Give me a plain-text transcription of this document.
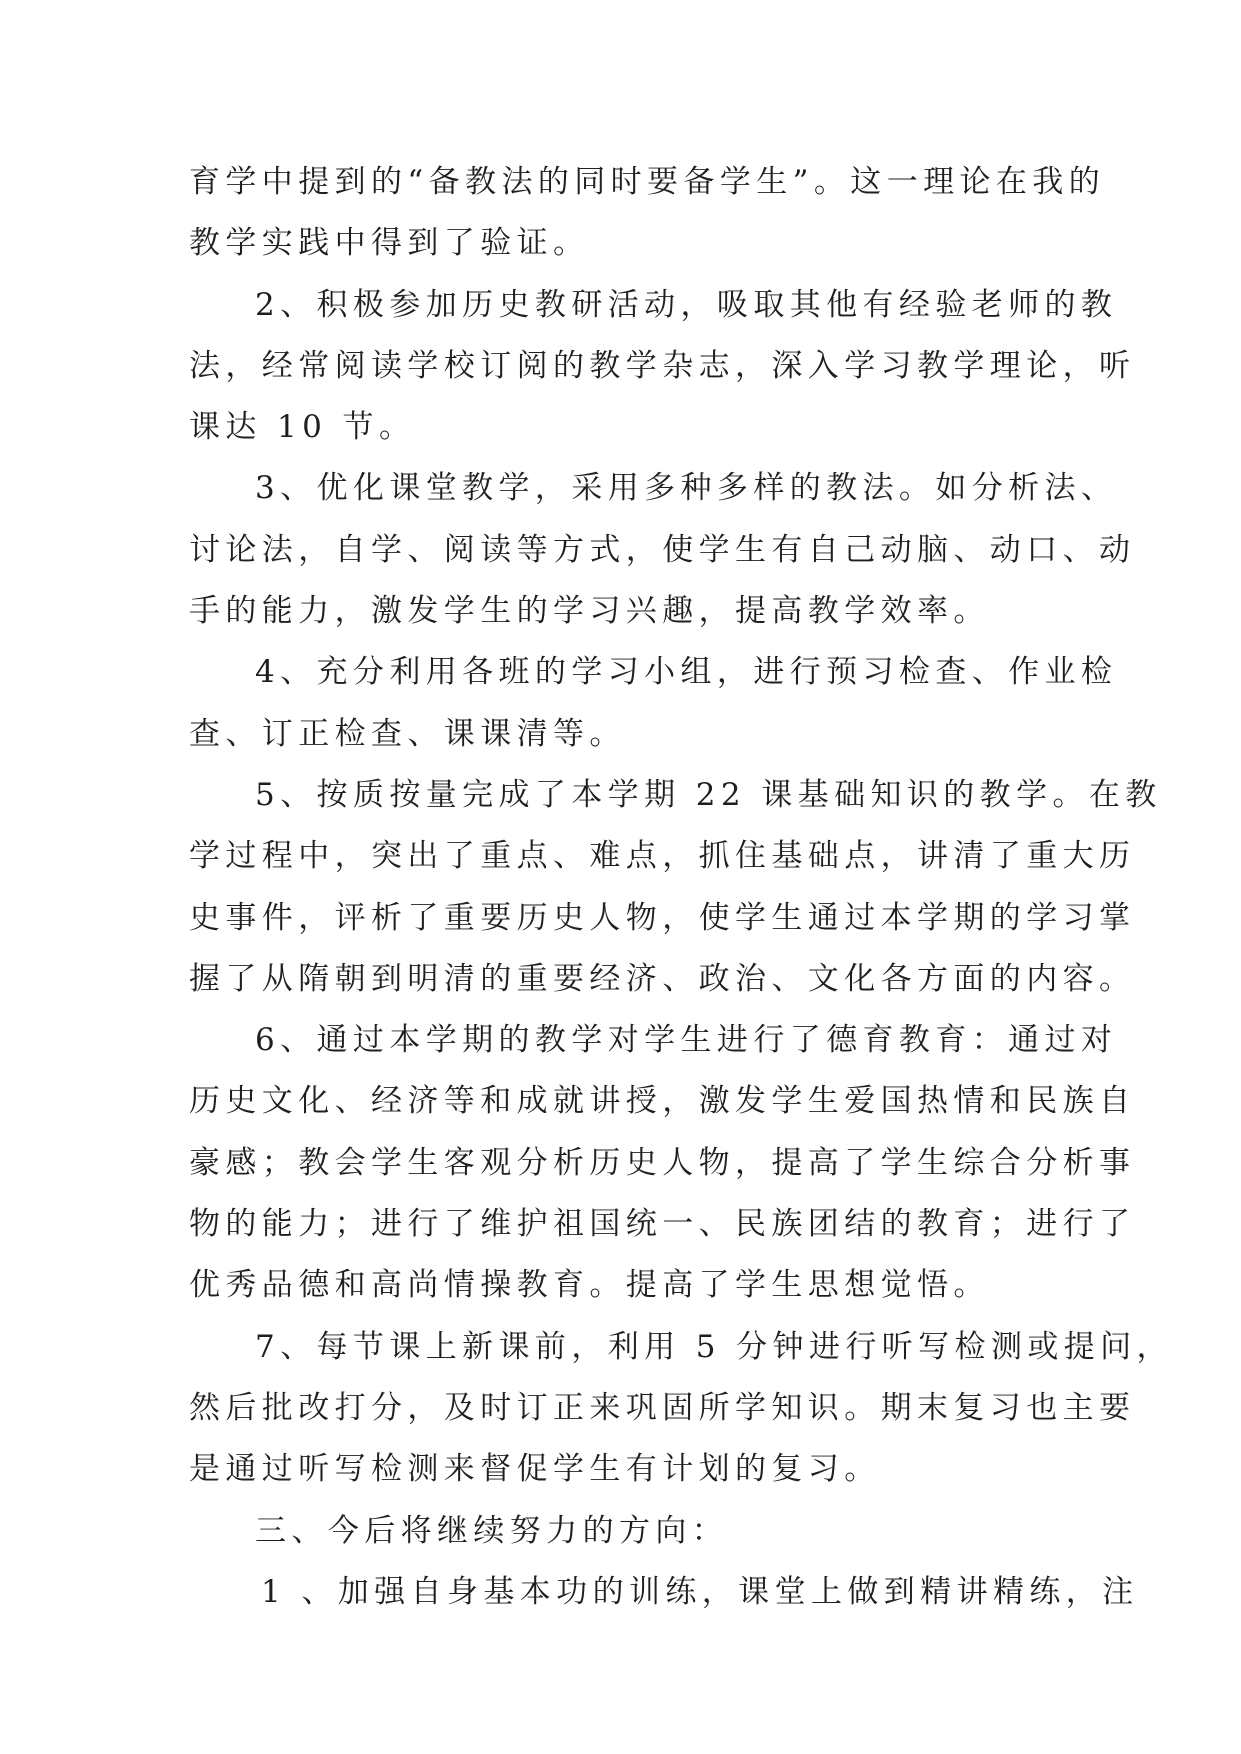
育学中提到的“备教法的同时要备学生”。这一理论在我的
教学实践中得到了验证。
2、积极参加历史教研活动，吸取其他有经验老师的教
法，经常阅读学校订阅的教学杂志，深入学习教学理论，听
课达 10 节。
3、优化课堂教学，采用多种多样的教法。如分析法、
讨论法，自学、阅读等方式，使学生有自己动脑、动口、动
手的能力，激发学生的学习兴趣，提高教学效率。
4、充分利用各班的学习小组，进行预习检查、作业检
查、订正检查、课课清等。
5、按质按量完成了本学期 22 课基础知识的教学。在教
学过程中，突出了重点、难点，抓住基础点，讲清了重大历
史事件，评析了重要历史人物，使学生通过本学期的学习掌
握了从隋朝到明清的重要经济、政治、文化各方面的内容。
6、通过本学期的教学对学生进行了德育教育：通过对
历史文化、经济等和成就讲授，激发学生爱国热情和民族自
豪感；教会学生客观分析历史人物，提高了学生综合分析事
物的能力；进行了维护祖国统一、民族团结的教育；进行了
优秀品德和高尚情操教育。提高了学生思想觉悟。
7、每节课上新课前，利用 5 分钟进行听写检测或提问，
然后批改打分，及时订正来巩固所学知识。期末复习也主要
是通过听写检测来督促学生有计划的复习。
三、今后将继续努力的方向：
1 、加强自身基本功的训练，课堂上做到精讲精练，注
